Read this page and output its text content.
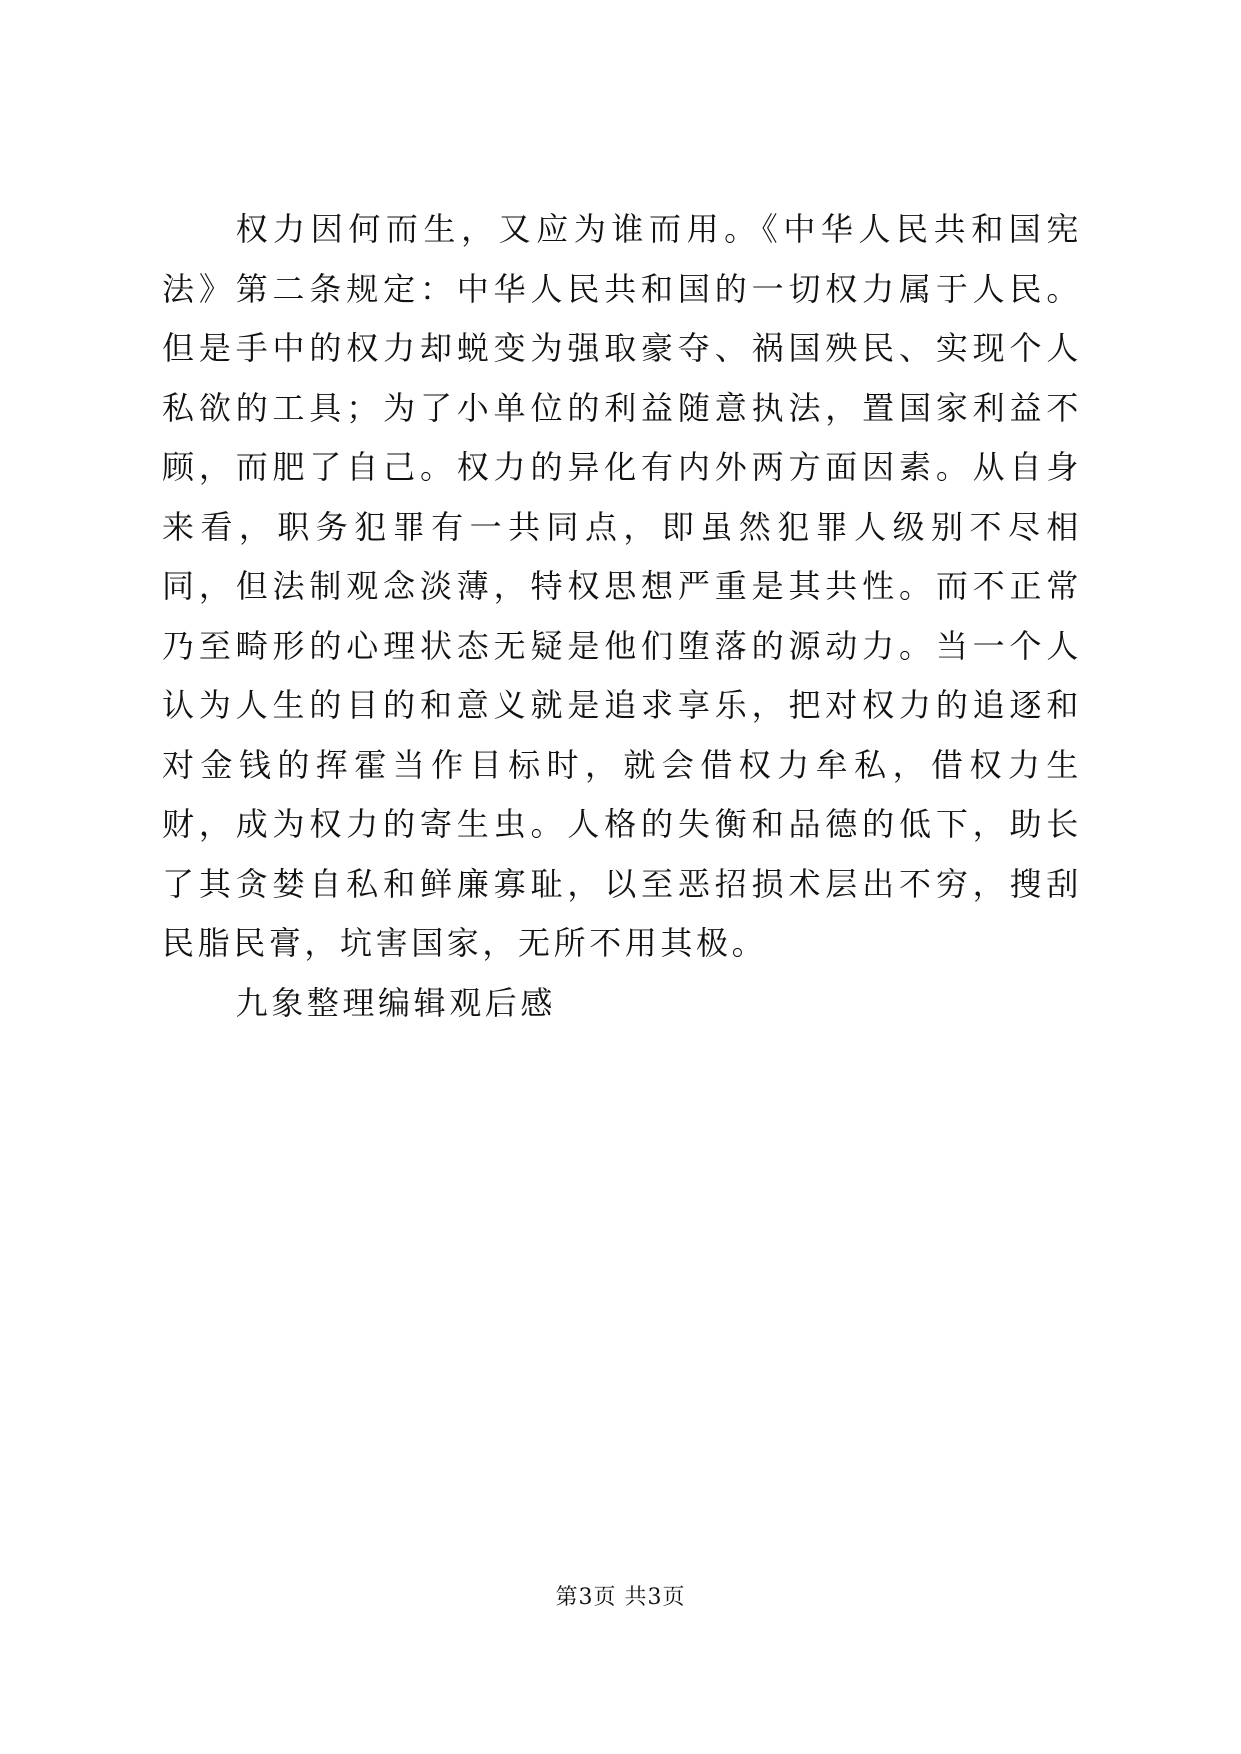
权力因何而生，又应为谁而用。《中华人民共和国宪法》第二条规定：中华人民共和国的一切权力属于人民。但是手中的权力却蜕变为强取豪夺、祸国殃民、实现个人私欲的工具；为了小单位的利益随意执法，置国家利益不顾，而肥了自己。权力的异化有内外两方面因素。从自身来看，职务犯罪有一共同点，即虽然犯罪人级别不尽相同，但法制观念淡薄，特权思想严重是其共性。而不正常乃至畸形的心理状态无疑是他们堕落的源动力。当一个人认为人生的目的和意义就是追求享乐，把对权力的追逐和对金钱的挥霍当作目标时，就会借权力牟私，借权力生财，成为权力的寄生虫。人格的失衡和品德的低下，助长了其贪婪自私和鲜廉寡耻，以至恶招损术层出不穷，搜刮民脂民膏，坑害国家，无所不用其极。

九象整理编辑观后感

第3页 共3页
